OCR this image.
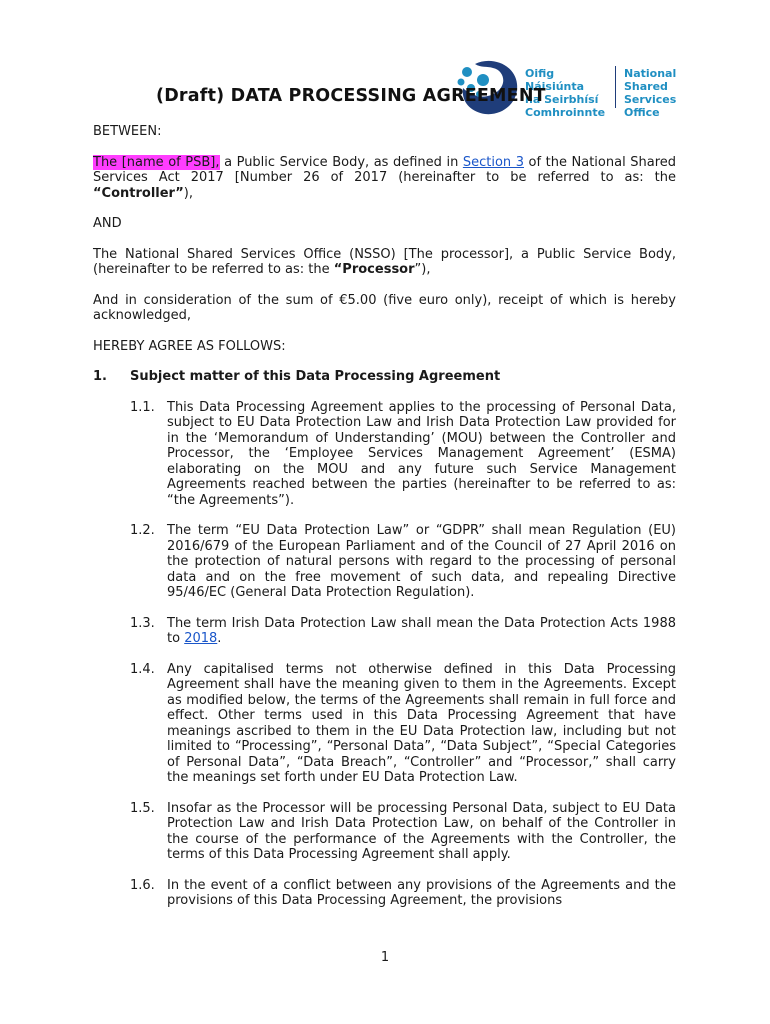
Oifig Náisiúnta
na Seirbhísí
Comhroinnte
National
Shared Services
Office
(Draft) DATA PROCESSING AGREEMENT

BETWEEN:

The [name of PSB], a Public Service Body, as defined in Section 3 of the National Shared Services Act 2017 [Number 26 of 2017 (hereinafter to be referred to as: the “Controller”),

AND

The National Shared Services Office (NSSO) [The processor], a Public Service Body, (hereinafter to be referred to as: the “Processor”),

And in consideration of the sum of €5.00 (five euro only), receipt of which is hereby acknowledged,

HEREBY AGREE AS FOLLOWS:

1.	Subject matter of this Data Processing Agreement
1.1. This Data Processing Agreement applies to the processing of Personal Data, subject to EU Data Protection Law and Irish Data Protection Law provided for in the ‘Memorandum of Understanding’ (MOU) between the Controller and Processor, the ‘Employee Services Management Agreement’ (ESMA) elaborating on the MOU and any future such Service Management Agreements reached between the parties (hereinafter to be referred to as: “the Agreements”).
1.2. The term “EU Data Protection Law” or “GDPR” shall mean Regulation (EU) 2016/679 of the European Parliament and of the Council of 27 April 2016 on the protection of natural persons with regard to the processing of personal data and on the free movement of such data, and repealing Directive 95/46/EC (General Data Protection Regulation).
1.3. The term Irish Data Protection Law shall mean the Data Protection Acts 1988 to 2018.
1.4. Any capitalised terms not otherwise defined in this Data Processing Agreement shall have the meaning given to them in the Agreements. Except as modified below, the terms of the Agreements shall remain in full force and effect. Other terms used in this Data Processing Agreement that have meanings ascribed to them in the EU Data Protection law, including but not limited to “Processing”, “Personal Data”, “Data Subject”, “Special Categories of Personal Data”, “Data Breach”, “Controller” and “Processor,” shall carry the meanings set forth under EU Data Protection Law.
1.5. Insofar as the Processor will be processing Personal Data, subject to EU Data Protection Law and Irish Data Protection Law, on behalf of the Controller in the course of the performance of the Agreements with the Controller, the terms of this Data Processing Agreement shall apply.
1.6. In the event of a conflict between any provisions of the Agreements and the provisions of this Data Processing Agreement, the provisions
1
